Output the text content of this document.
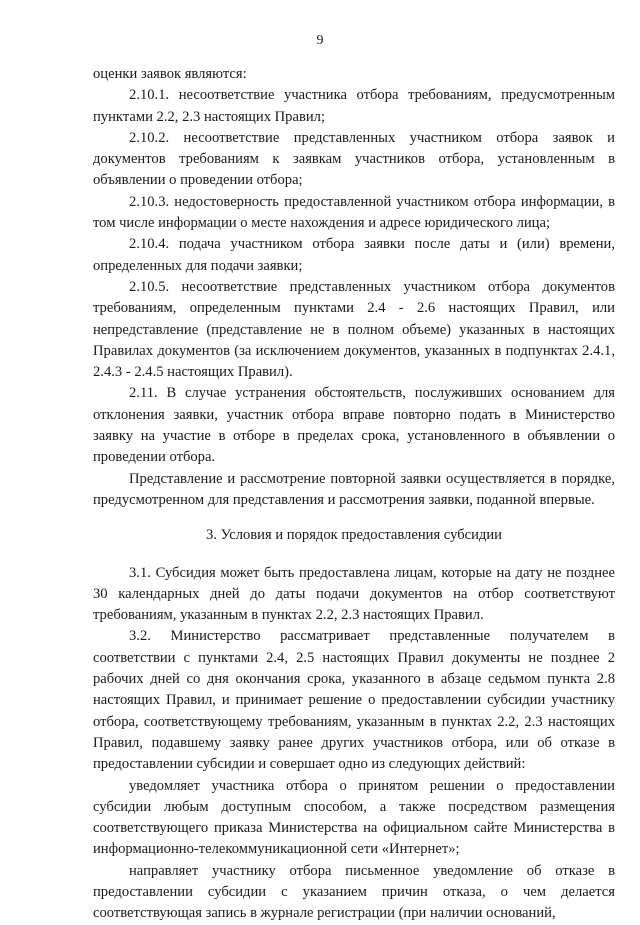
9

оценки заявок являются:

2.10.1. несоответствие участника отбора требованиям, предусмотренным пунктами 2.2, 2.3 настоящих Правил;

2.10.2. несоответствие представленных участником отбора заявок и документов требованиям к заявкам участников отбора, установленным в объявлении о проведении отбора;

2.10.3. недостоверность предоставленной участником отбора информации, в том числе информации о месте нахождения и адресе юридического лица;

2.10.4. подача участником отбора заявки после даты и (или) времени, определенных для подачи заявки;

2.10.5. несоответствие представленных участником отбора документов требованиям, определенным пунктами 2.4 - 2.6 настоящих Правил, или непредставление (представление не в полном объеме) указанных в настоящих Правилах документов (за исключением документов, указанных в подпунктах 2.4.1, 2.4.3 - 2.4.5 настоящих Правил).

2.11. В случае устранения обстоятельств, послуживших основанием для отклонения заявки, участник отбора вправе повторно подать в Министерство заявку на участие в отборе в пределах срока, установленного в объявлении о проведении отбора.

Представление и рассмотрение повторной заявки осуществляется в порядке, предусмотренном для представления и рассмотрения заявки, поданной впервые.

3. Условия и порядок предоставления субсидии

3.1. Субсидия может быть предоставлена лицам, которые на дату не позднее 30 календарных дней до даты подачи документов на отбор соответствуют требованиям, указанным в пунктах 2.2, 2.3 настоящих Правил.

3.2. Министерство рассматривает представленные получателем в соответствии с пунктами 2.4, 2.5 настоящих Правил документы не позднее 2 рабочих дней со дня окончания срока, указанного в абзаце седьмом пункта 2.8 настоящих Правил, и принимает решение о предоставлении субсидии участнику отбора, соответствующему требованиям, указанным в пунктах 2.2, 2.3 настоящих Правил, подавшему заявку ранее других участников отбора, или об отказе в предоставлении субсидии и совершает одно из следующих действий:

уведомляет участника отбора о принятом решении о предоставлении субсидии любым доступным способом, а также посредством размещения соответствующего приказа Министерства на официальном сайте Министерства в информационно-телекоммуникационной сети «Интернет»;

направляет участнику отбора письменное уведомление об отказе в предоставлении субсидии с указанием причин отказа, о чем делается соответствующая запись в журнале регистрации (при наличии оснований,
